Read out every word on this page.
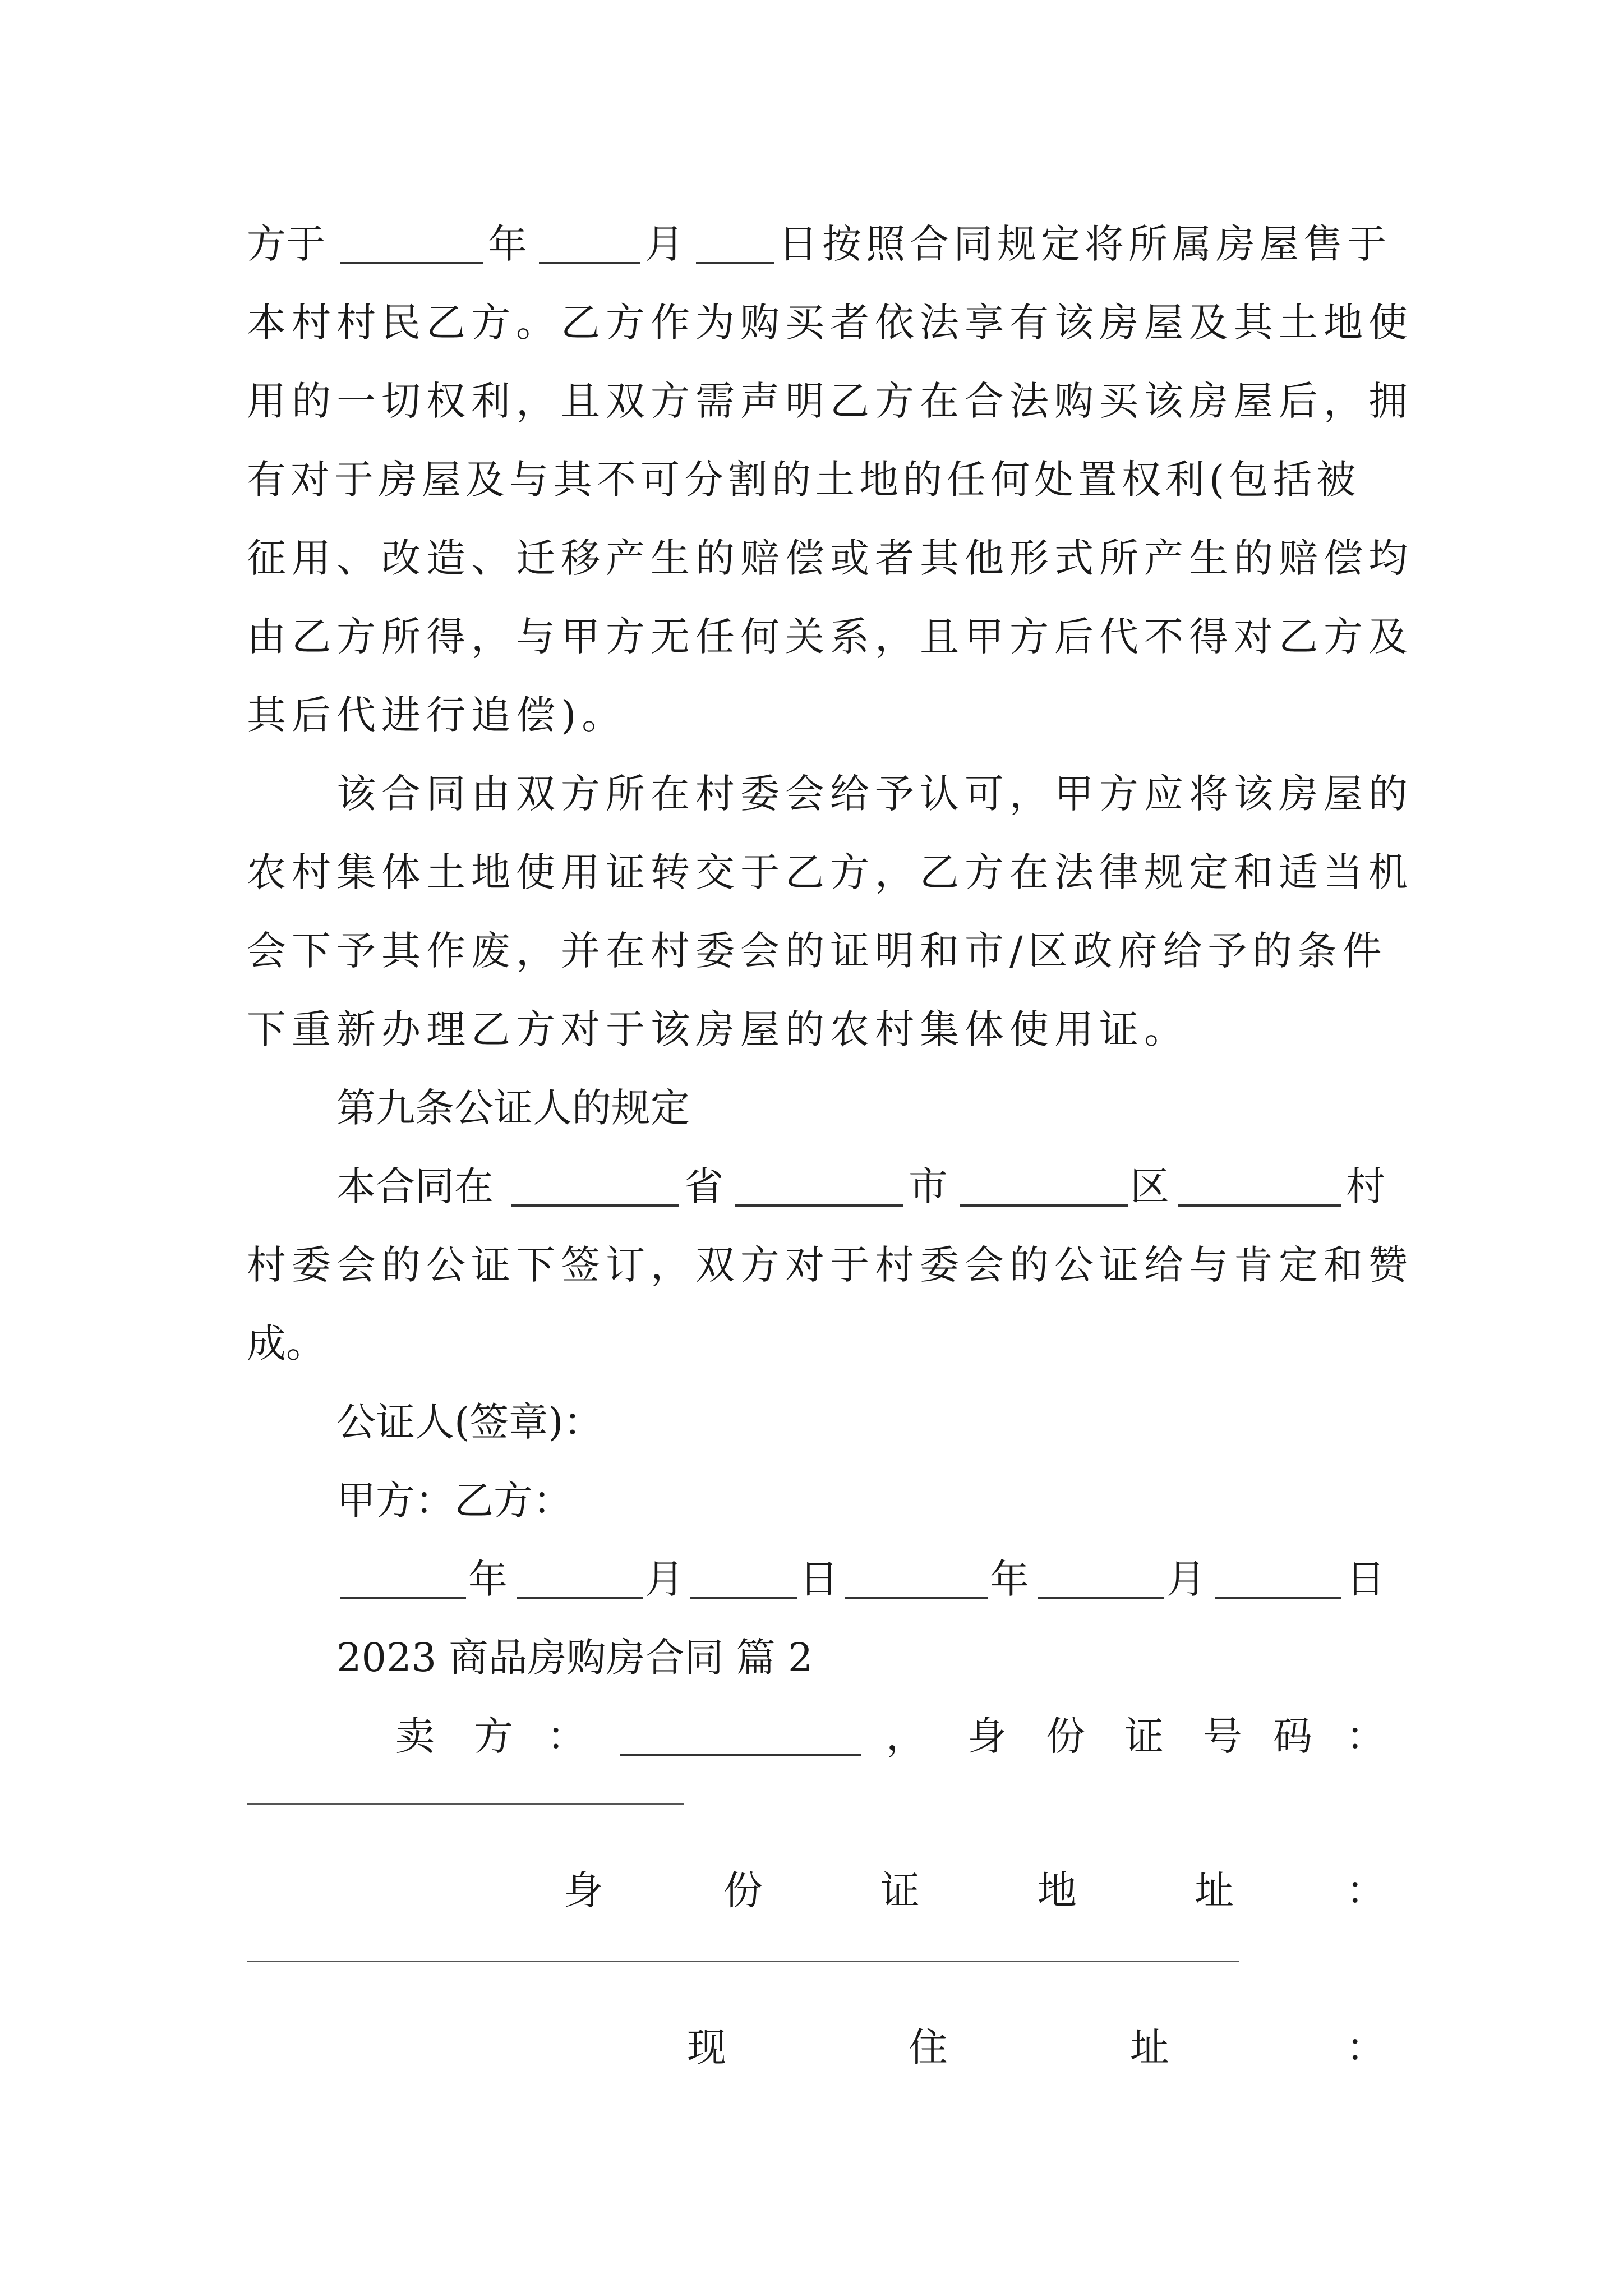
方于	年	月 日按照合同规定将所属房屋售于
本村村民乙方。乙方作为购买者依法享有该房屋及其土地使
用的一切权利，且双方需声明乙方在合法购买该房屋后，拥
有对于房屋及与其不可分割的土地的任何处置权利(包括被
征用、改造、迁移产生的赔偿或者其他形式所产生的赔偿均
由乙方所得，与甲方无任何关系，且甲方后代不得对乙方及
其后代进行追偿)。
该合同由双方所在村委会给予认可，甲方应将该房屋的
农村集体土地使用证转交于乙方，乙方在法律规定和适当机
会下予其作废，并在村委会的证明和市/区政府给予的条件
下重新办理乙方对于该房屋的农村集体使用证。
第九条公证人的规定
本合同在	省	市	区	村
村委会的公证下签订，双方对于村委会的公证给与肯定和赞
成。
公证人(签章)：
甲方：乙方：
年	月	日	年	月	日
2023 商品房购房合同 篇 2
卖 方 ：	， 身 份 证 号 码 ：
身	份	证	地	址	：
现	住	址	：
